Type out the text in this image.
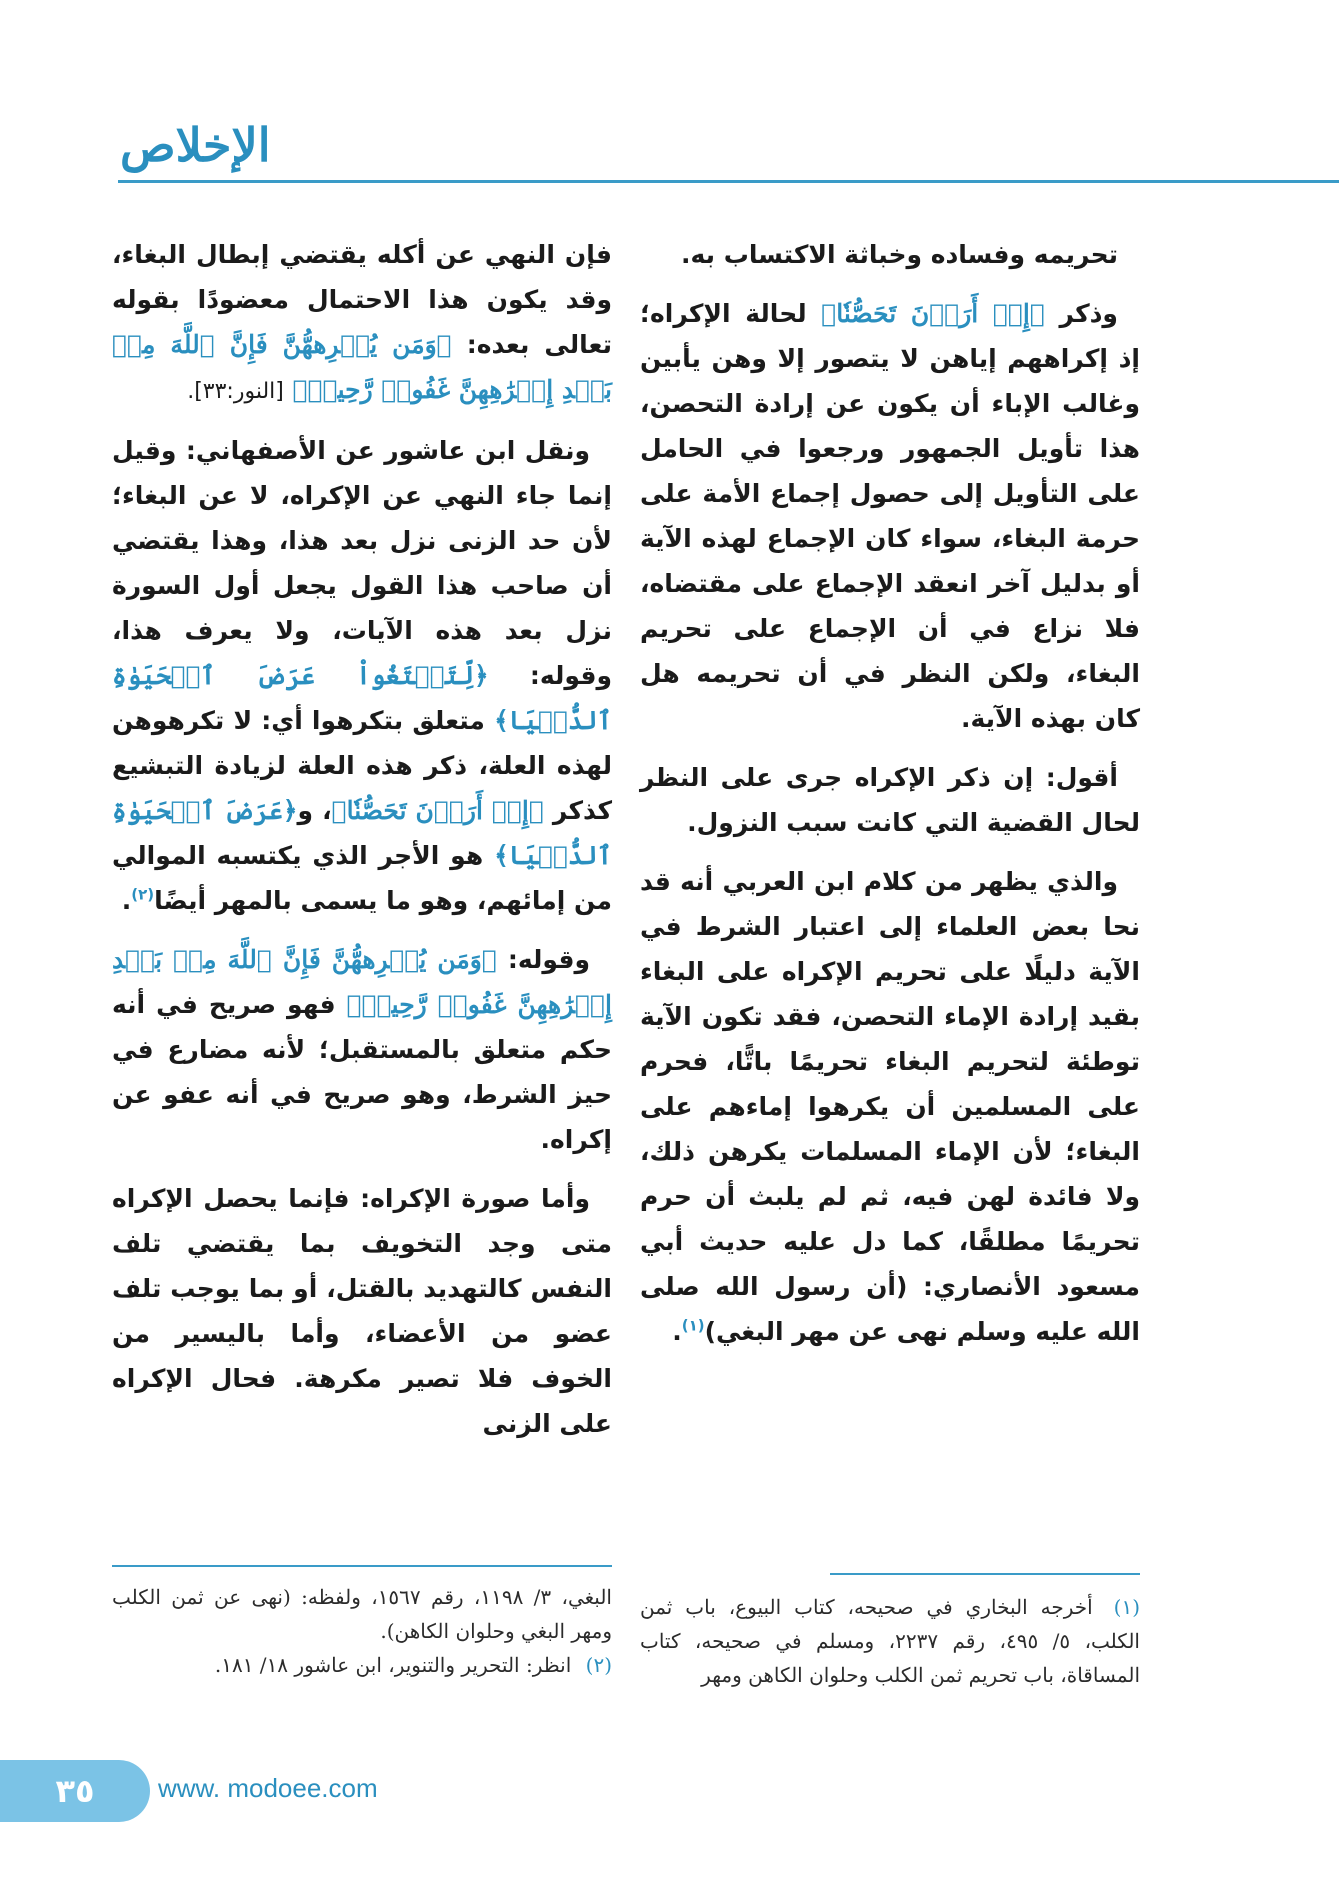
الإخلاص

تحريمه وفساده وخباثة الاكتساب به.

وذكر ﴿إِنۡ أَرَدۡنَ تَحَصُّنٗا﴾ لحالة الإكراه؛ إذ إكراههم إياهن لا يتصور إلا وهن يأبين وغالب الإباء أن يكون عن إرادة التحصن، هذا تأويل الجمهور ورجعوا في الحامل على التأويل إلى حصول إجماع الأمة على حرمة البغاء، سواء كان الإجماع لهذه الآية أو بدليل آخر انعقد الإجماع على مقتضاه، فلا نزاع في أن الإجماع على تحريم البغاء، ولكن النظر في أن تحريمه هل كان بهذه الآية.

أقول: إن ذكر الإكراه جرى على النظر لحال القضية التي كانت سبب النزول.

والذي يظهر من كلام ابن العربي أنه قد نحا بعض العلماء إلى اعتبار الشرط في الآية دليلًا على تحريم الإكراه على البغاء بقيد إرادة الإماء التحصن، فقد تكون الآية توطئة لتحريم البغاء تحريمًا باتًّا، فحرم على المسلمين أن يكرهوا إماءهم على البغاء؛ لأن الإماء المسلمات يكرهن ذلك، ولا فائدة لهن فيه، ثم لم يلبث أن حرم تحريمًا مطلقًا، كما دل عليه حديث أبي مسعود الأنصاري: (أن رسول الله صلى الله عليه وسلم نهى عن مهر البغي)$^{(١)}$.

فإن النهي عن أكله يقتضي إبطال البغاء، وقد يكون هذا الاحتمال معضودًا بقوله تعالى بعده: ﴿وَمَن يُكۡرِههُّنَّ فَإِنَّ ٱللَّهَ مِنۢ بَعۡدِ إِكۡرَٰهِهِنَّ غَفُورٞ رَّحِيمٞ﴾ [النور:٣٣].

ونقل ابن عاشور عن الأصفهاني: وقيل إنما جاء النهي عن الإكراه، لا عن البغاء؛ لأن حد الزنى نزل بعد هذا، وهذا يقتضي أن صاحب هذا القول يجعل أول السورة نزل بعد هذه الآيات، ولا يعرف هذا، وقوله: ﴿لِّتَبۡتَغُواْ عَرَضَ ٱلۡحَيَوٰةِ ٱلدُّنۡيَا﴾ متعلق بتكرهوا أي: لا تكرهوهن لهذه العلة، ذكر هذه العلة لزيادة التبشيع كذكر ﴿إِنۡ أَرَدۡنَ تَحَصُّنٗا﴾، و﴿عَرَضَ ٱلۡحَيَوٰةِ ٱلدُّنۡيَا﴾ هو الأجر الذي يكتسبه الموالي من إمائهم، وهو ما يسمى بالمهر أيضًا$^{(٢)}$.

وقوله: ﴿وَمَن يُكۡرِههُّنَّ فَإِنَّ ٱللَّهَ مِنۢ بَعۡدِ إِكۡرَٰهِهِنَّ غَفُورٞ رَّحِيمٞ﴾ فهو صريح في أنه حكم متعلق بالمستقبل؛ لأنه مضارع في حيز الشرط، وهو صريح في أنه عفو عن إكراه.

وأما صورة الإكراه: فإنما يحصل الإكراه متى وجد التخويف بما يقتضي تلف النفس كالتهديد بالقتل، أو بما يوجب تلف عضو من الأعضاء، وأما باليسير من الخوف فلا تصير مكرهة. فحال الإكراه على الزنى

(١) أخرجه البخاري في صحيحه، كتاب البيوع، باب ثمن الكلب، ٥/ ٤٩٥، رقم ٢٢٣٧، ومسلم في صحيحه، كتاب المساقاة، باب تحريم ثمن الكلب وحلوان الكاهن ومهر
البغي، ٣/ ١١٩٨، رقم ١٥٦٧، ولفظه: (نهى عن ثمن الكلب ومهر البغي وحلوان الكاهن).
(٢) انظر: التحرير والتنوير، ابن عاشور ١٨/ ١٨١.
٣٥	www. modoee.com
